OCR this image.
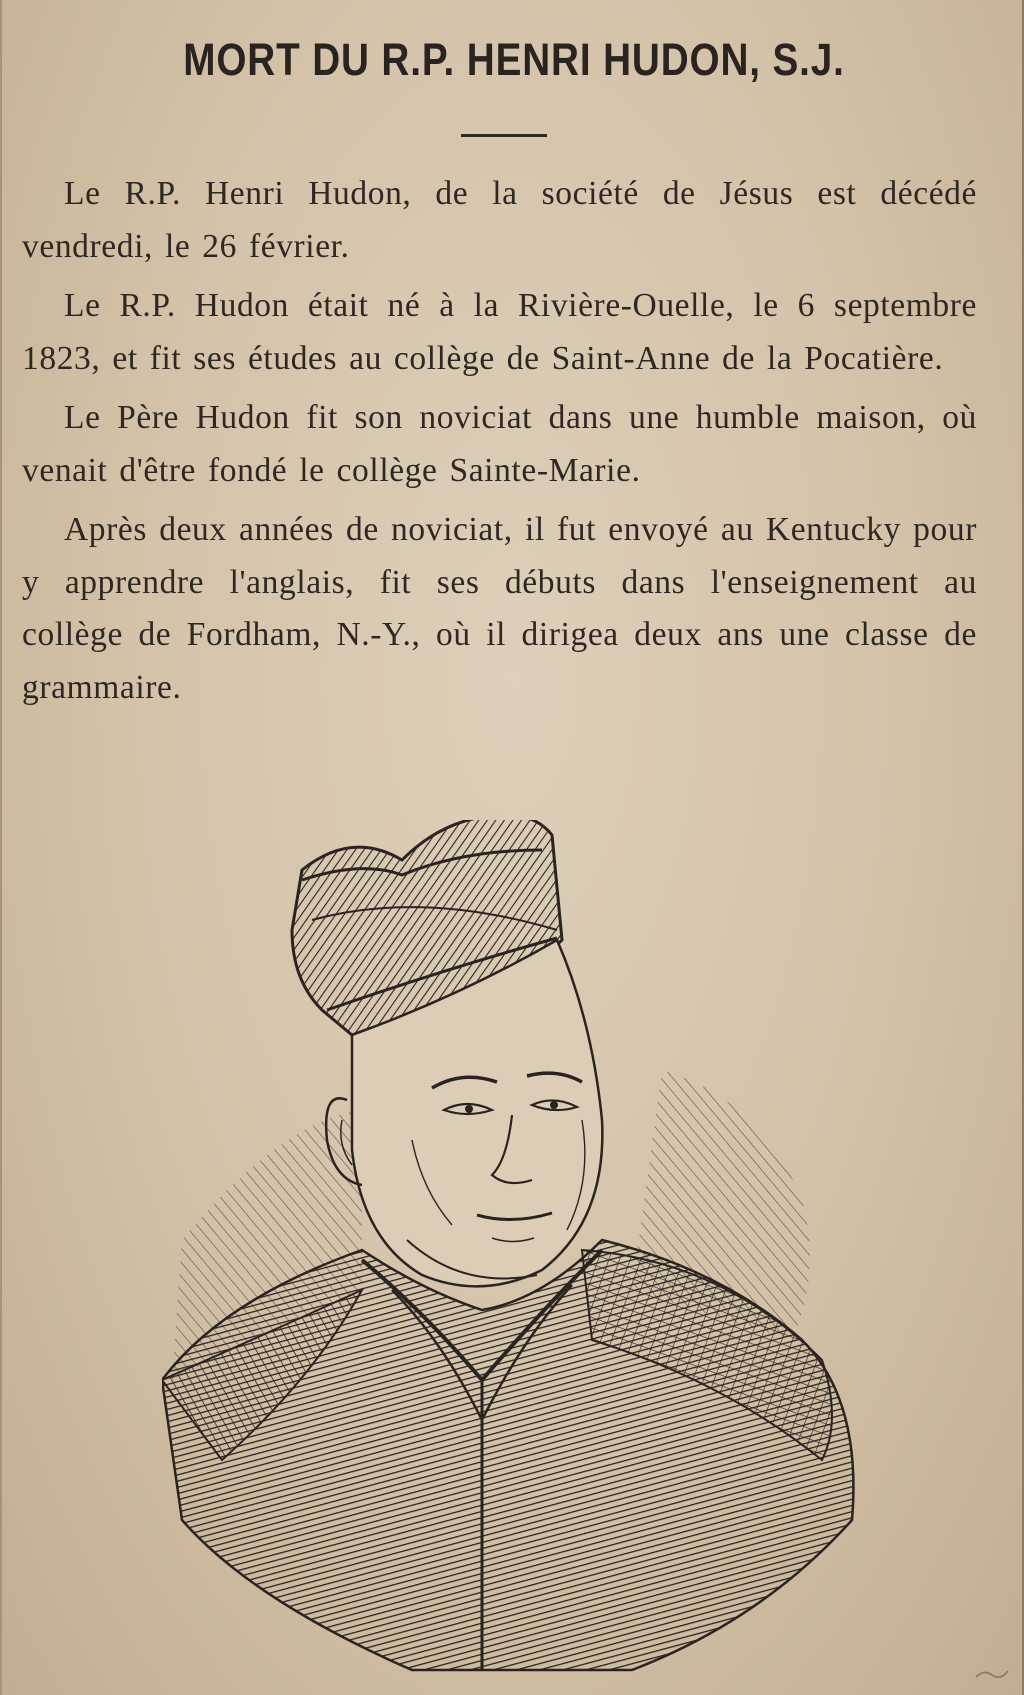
MORT DU R.P. HENRI HUDON, S.J.

Le R.P. Henri Hudon, de la société de Jésus est décédé vendredi, le 26 février.

Le R.P. Hudon était né à la Rivière-Ouelle, le 6 septembre 1823, et fit ses études au collège de Saint-Anne de la Pocatière.

Le Père Hudon fit son noviciat dans une humble maison, où venait d'être fondé le collège Sainte-Marie.

Après deux années de noviciat, il fut envoyé au Kentucky pour y apprendre l'anglais, fit ses débuts dans l'enseignement au collège de Fordham, N.-Y., où il dirigea deux ans une classe de grammaire.
